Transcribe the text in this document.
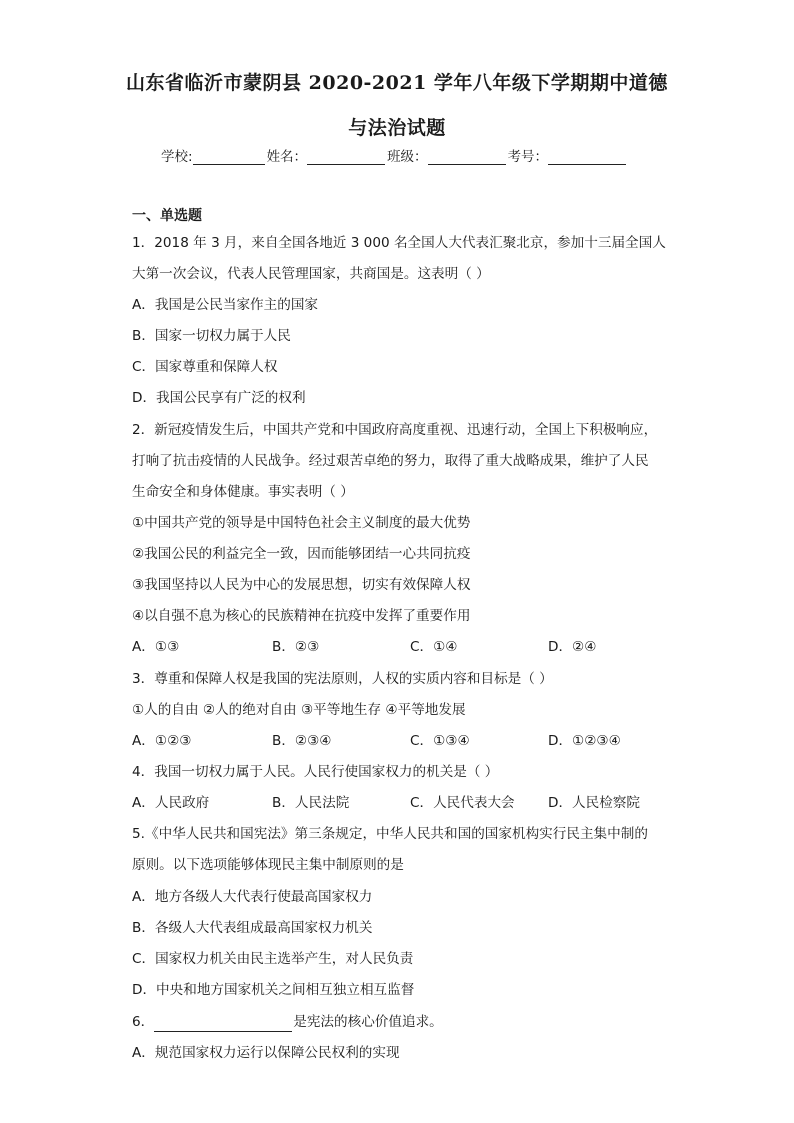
山东省临沂市蒙阴县 2020-2021 学年八年级下学期期中道德
与法治试题
学校:	姓名：	班级：	考号：
一、单选题
1．2018 年 3 月，来自全国各地近 3 000 名全国人大代表汇聚北京，参加十三届全国人
大第一次会议，代表人民管理国家，共商国是。这表明（ ）
A．我国是公民当家作主的国家
B．国家一切权力属于人民
C．国家尊重和保障人权
D．我国公民享有广泛的权利
2．新冠疫情发生后，中国共产党和中国政府高度重视、迅速行动，全国上下积极响应，
打响了抗击疫情的人民战争。经过艰苦卓绝的努力，取得了重大战略成果，维护了人民
生命安全和身体健康。事实表明（ ）
①中国共产党的领导是中国特色社会主义制度的最大优势
②我国公民的利益完全一致，因而能够团结一心共同抗疫
③我国坚持以人民为中心的发展思想，切实有效保障人权
④以自强不息为核心的民族精神在抗疫中发挥了重要作用
A．①③	B．②③	C．①④	D．②④
3．尊重和保障人权是我国的宪法原则，人权的实质内容和目标是（ ）
①人的自由 ②人的绝对自由 ③平等地生存 ④平等地发展
A．①②③	B．②③④	C．①③④	D．①②③④
4．我国一切权力属于人民。人民行使国家权力的机关是（ ）
A．人民政府	B．人民法院	C．人民代表大会 D．人民检察院
5.《中华人民共和国宪法》第三条规定，中华人民共和国的国家机构实行民主集中制的
原则。以下选项能够体现民主集中制原则的是
A．地方各级人大代表行使最高国家权力
B．各级人大代表组成最高国家权力机关
C．国家权力机关由民主选举产生，对人民负责
D．中央和地方国家机关之间相互独立相互监督
6．	是宪法的核心价值追求。
A．规范国家权力运行以保障公民权利的实现
